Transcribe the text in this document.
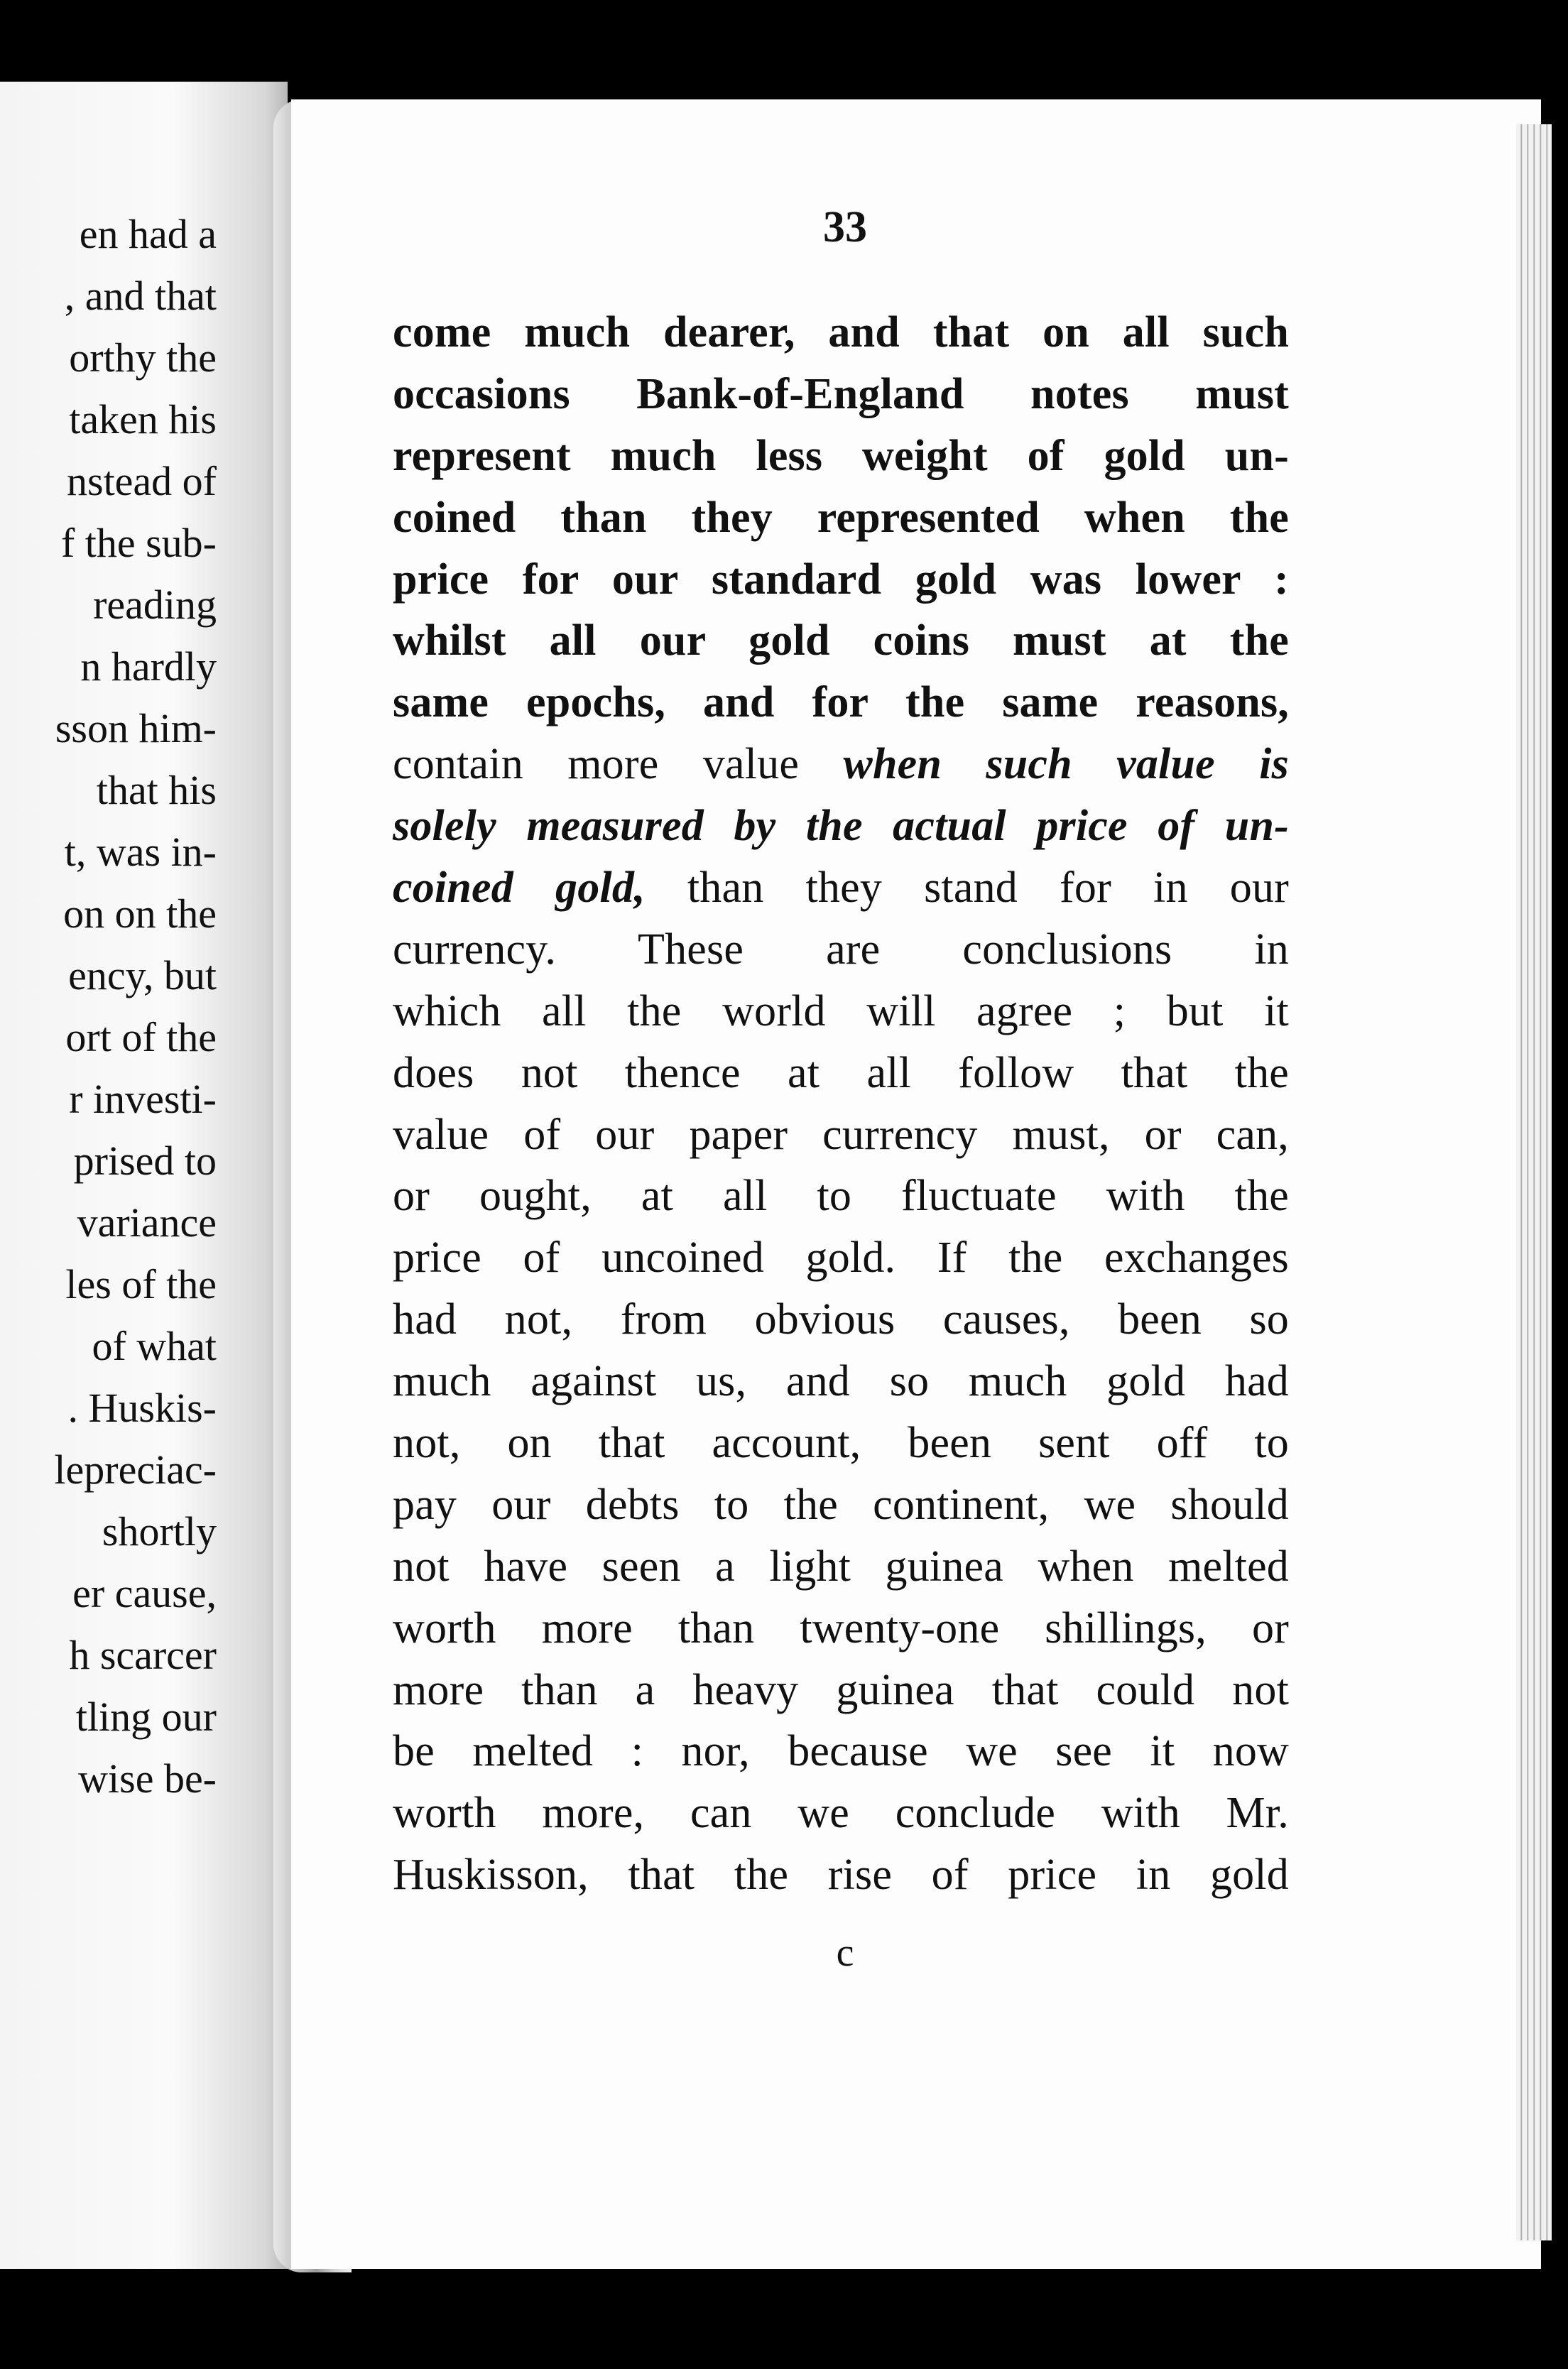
en had a
, and that
orthy the
taken his
nstead of
f the sub-
reading
n hardly
sson him-
that his
t, was in-
on on the
ency, but
ort of the
r investi-
prised to
variance
les of the
of what
. Huskis-
lepreciac-
shortly
er cause,
h scarcer
tling our
wise be-
33
come much dearer, and that on all such
occasions Bank-of-England notes must
represent much less weight of gold un-
coined than they represented when the
price for our standard gold was lower :
whilst all our gold coins must at the
same epochs, and for the same reasons,
contain more value when such value is
solely measured by the actual price of un-
coined gold, than they stand for in our
currency. These are conclusions in
which all the world will agree ; but it
does not thence at all follow that the
value of our paper currency must, or can,
or ought, at all to fluctuate with the
price of uncoined gold. If the exchanges
had not, from obvious causes, been so
much against us, and so much gold had
not, on that account, been sent off to
pay our debts to the continent, we should
not have seen a light guinea when melted
worth more than twenty-one shillings, or
more than a heavy guinea that could not
be melted : nor, because we see it now
worth more, can we conclude with Mr.
Huskisson, that the rise of price in gold
c
